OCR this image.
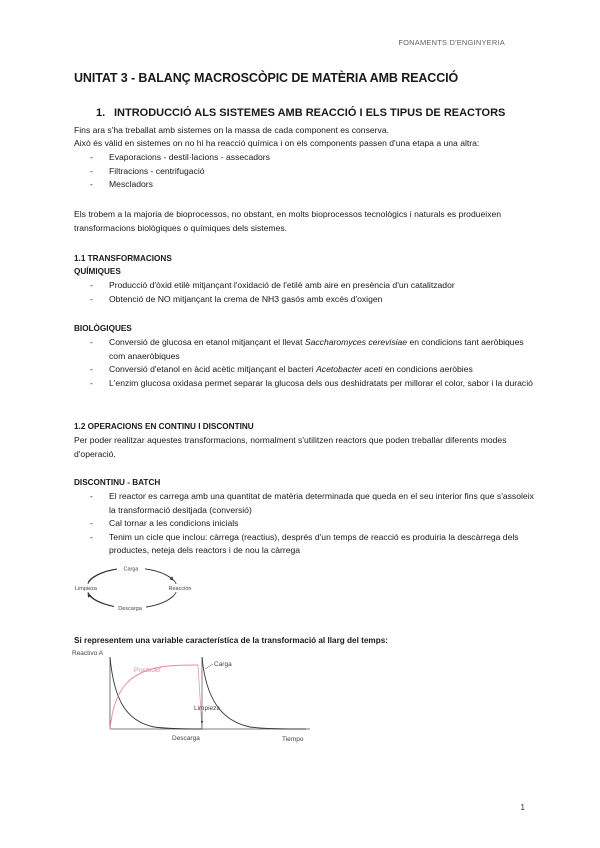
FONAMENTS D'ENGINYERIA
UNITAT 3 - BALANÇ MACROSCÒPIC DE MATÈRIA AMB REACCIÓ
1. INTRODUCCIÓ ALS SISTEMES AMB REACCIÓ I ELS TIPUS DE REACTORS
Fins ara s'ha treballat amb sistemes on la massa de cada component es conserva.
Això és vàlid en sistemes on no hi ha reacció química i on els components passen d'una etapa a una altra:
- Evaporacions - destil·lacions - assecadors
- Filtracions - centrifugació
- Mescladors
Els trobem a la majoria de bioprocessos, no obstant, en molts bioprocessos tecnològics i naturals es produeixen transformacions biològiques o químiques dels sistemes.
1.1 TRANSFORMACIONS
QUÍMIQUES
- Producció d'òxid etilè mitjançant l'oxidació de l'etilè amb aire en presència d'un catalitzador
- Obtenció de NO mitjançant la crema de NH3 gasós amb excés d'oxigen
BIOLÒGIQUES
- Conversió de glucosa en etanol mitjançant el llevat Saccharomyces cerevisiae en condicions tant aeròbiques com anaeròbiques
- Conversió d'etanol en àcid acètic mitjançant el bacteri Acetobacter aceti en condicions aeròbies
- L'enzim glucosa oxidasa permet separar la glucosa dels ous deshidratats per millorar el color, sabor i la duració
1.2 OPERACIONS EN CONTINU I DISCONTINU
Per poder realitzar aquestes transformacions, normalment s'utilitzen reactors que poden treballar diferents modes d'operació.
DISCONTINU - BATCH
- El reactor es carrega amb una quantitat de matèria determinada que queda en el seu interior fins que s'assoleix la transformació desitjada (conversió)
- Cal tornar a les condicions inicials
- Tenim un cicle que inclou: càrrega (reactius), després d'un temps de reacció es produiria la descàrrega dels productes, neteja dels reactors i de nou la càrrega
Carga
Reacción
Descarga
Limpieza
Si representem una variable característica de la transformació al llarg del temps:
Reactivo A
Producto
Carga
Limpieza
Descarga	Tiempo
1
